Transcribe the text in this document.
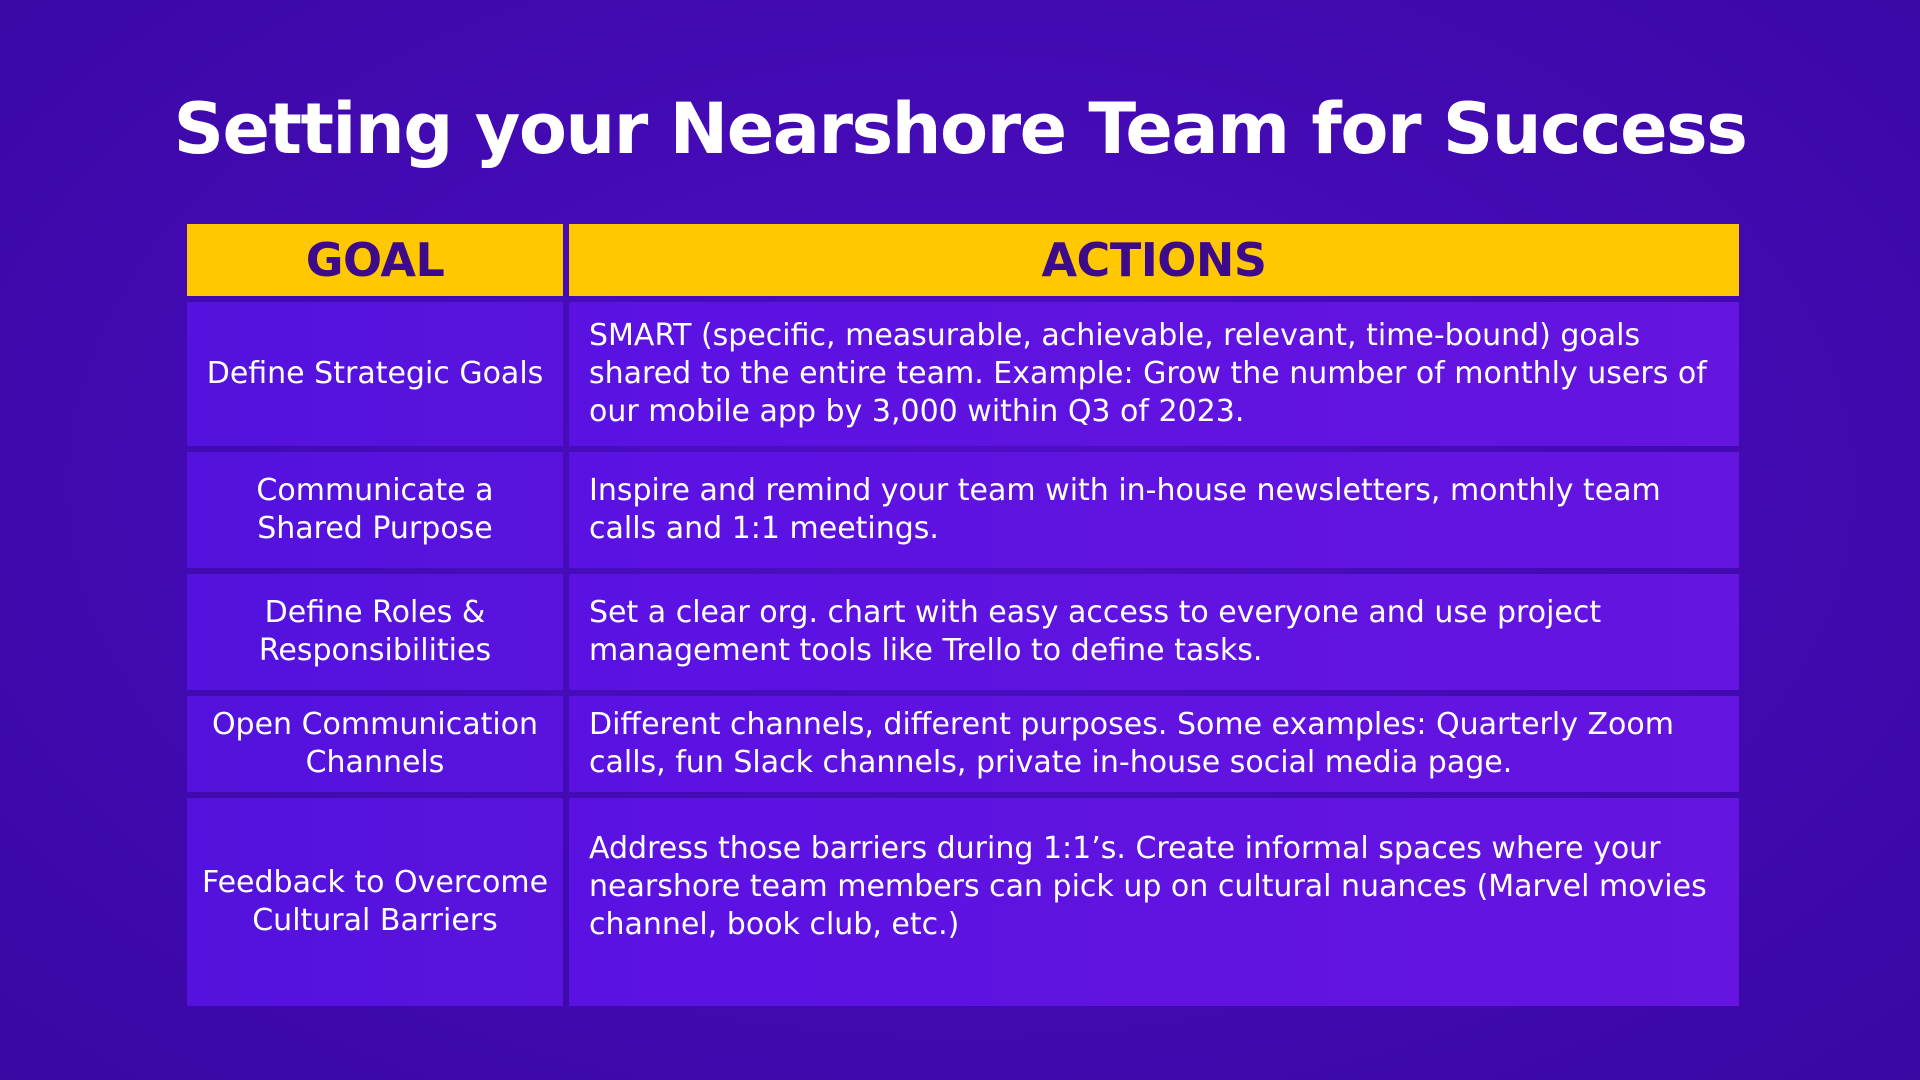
Setting your Nearshore Team for Success
GOAL	ACTIONS
Define Strategic Goals	SMART (specific, measurable, achievable, relevant, time-bound) goals shared to the entire team. Example: Grow the number of monthly users of our mobile app by 3,000 within Q3 of 2023.
Communicate a Shared Purpose	Inspire and remind your team with in-house newsletters, monthly team calls and 1:1 meetings.
Define Roles & Responsibilities	Set a clear org. chart with easy access to everyone and use project management tools like Trello to define tasks.
Open Communication Channels	Different channels, different purposes. Some examples: Quarterly Zoom calls, fun Slack channels, private in-house social media page.
Feedback to Overcome Cultural Barriers	Address those barriers during 1:1’s. Create informal spaces where your nearshore team members can pick up on cultural nuances (Marvel movies channel, book club, etc.)
